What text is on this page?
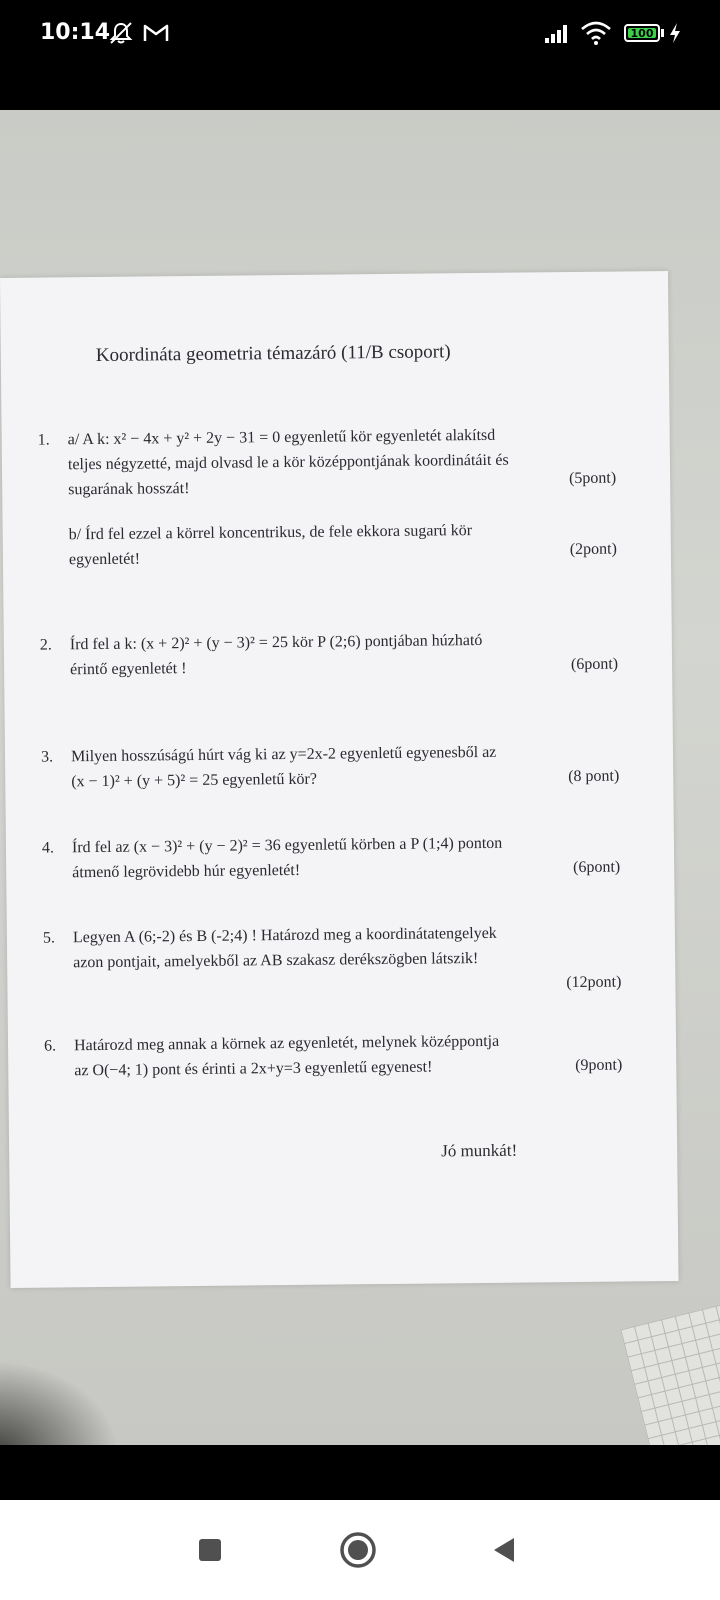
10:14	100
Koordináta geometria témazáró (11/B csoport)
1. a/ A k: x² − 4x + y² + 2y − 31 = 0 egyenletű kör egyenletét alakítsd
teljes négyzetté, majd olvasd le a kör középpontjának koordinátáit és
sugarának hosszát!
(5pont)
b/ Írd fel ezzel a körrel koncentrikus, de fele ekkora sugarú kör
egyenletét!
(2pont)
2. Írd fel a k: (x + 2)² + (y − 3)² = 25 kör P (2;6) pontjában húzható
érintő egyenletét !	(6pont)
3. Milyen hosszúságú húrt vág ki az y=2x-2 egyenletű egyenesből az
(x − 1)² + (y + 5)² = 25 egyenletű kör?	(8 pont)
4. Írd fel az (x − 3)² + (y − 2)² = 36 egyenletű körben a P (1;4) ponton
átmenő legrövidebb húr egyenletét!	(6pont)
5. Legyen A (6;-2) és B (-2;4) ! Határozd meg a koordinátatengelyek
azon pontjait, amelyekből az AB szakasz derékszögben látszik!
(12pont)
6. Határozd meg annak a körnek az egyenletét, melynek középpontja
az O(−4; 1) pont és érinti a 2x+y=3 egyenletű egyenest!	(9pont)
Jó munkát!
